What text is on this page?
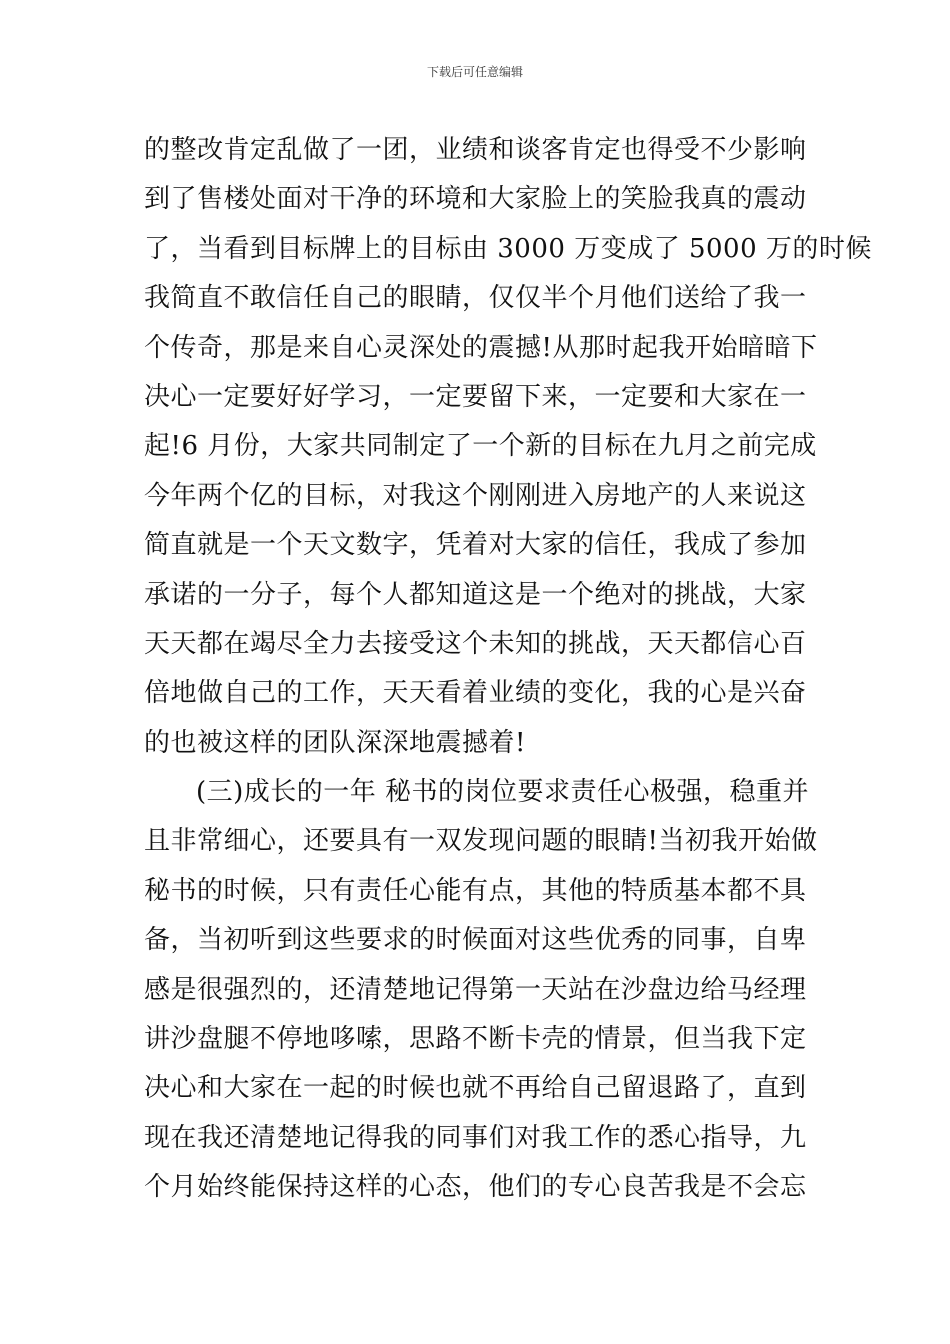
下载后可任意编辑
的整改肯定乱做了一团，业绩和谈客肯定也得受不少影响
到了售楼处面对干净的环境和大家脸上的笑脸我真的震动
了，当看到目标牌上的目标由 3000 万变成了 5000 万的时候
我简直不敢信任自己的眼睛，仅仅半个月他们送给了我一
个传奇，那是来自心灵深处的震撼!从那时起我开始暗暗下
决心一定要好好学习，一定要留下来，一定要和大家在一
起!6 月份，大家共同制定了一个新的目标在九月之前完成
今年两个亿的目标，对我这个刚刚进入房地产的人来说这
简直就是一个天文数字，凭着对大家的信任，我成了参加
承诺的一分子，每个人都知道这是一个绝对的挑战，大家
天天都在竭尽全力去接受这个未知的挑战，天天都信心百
倍地做自己的工作，天天看着业绩的变化，我的心是兴奋
的也被这样的团队深深地震撼着!
(三)成长的一年 秘书的岗位要求责任心极强，稳重并
且非常细心，还要具有一双发现问题的眼睛!当初我开始做
秘书的时候，只有责任心能有点，其他的特质基本都不具
备，当初听到这些要求的时候面对这些优秀的同事，自卑
感是很强烈的，还清楚地记得第一天站在沙盘边给马经理
讲沙盘腿不停地哆嗦，思路不断卡壳的情景，但当我下定
决心和大家在一起的时候也就不再给自己留退路了，直到
现在我还清楚地记得我的同事们对我工作的悉心指导，九
个月始终能保持这样的心态，他们的专心良苦我是不会忘
